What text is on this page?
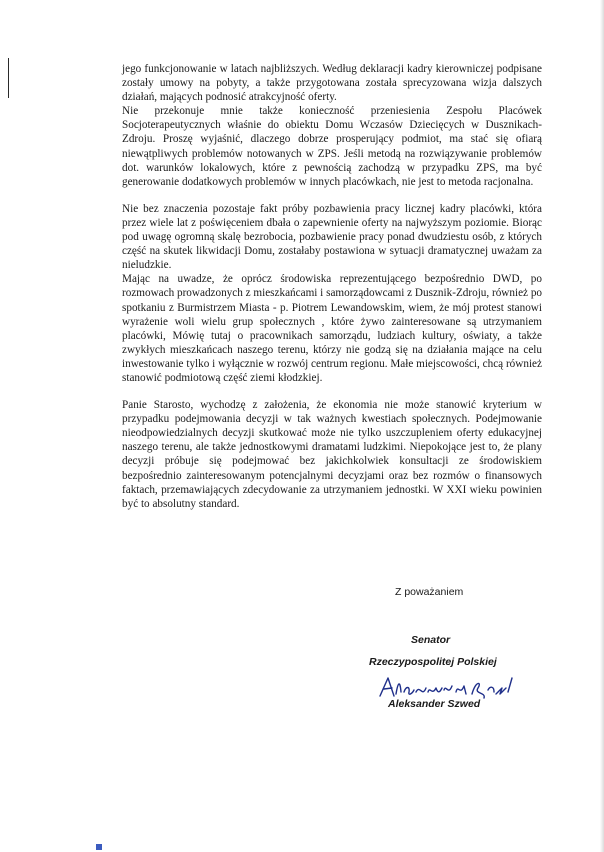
jego funkcjonowanie w latach najbliższych. Według deklaracji kadry kierowniczej podpisane zostały umowy na pobyty, a także przygotowana została sprecyzowana wizja dalszych działań, mających podnosić atrakcyjność oferty.

Nie przekonuje mnie także konieczność przeniesienia Zespołu Placówek Socjoterapeutycznych właśnie do obiektu Domu Wczasów Dziecięcych w Dusznikach-Zdroju. Proszę wyjaśnić, dlaczego dobrze prosperujący podmiot, ma stać się ofiarą niewątpliwych problemów notowanych w ZPS. Jeśli metodą na rozwiązywanie problemów dot. warunków lokalowych, które z pewnością zachodzą w przypadku ZPS, ma być generowanie dodatkowych problemów w innych placówkach, nie jest to metoda racjonalna.

Nie bez znaczenia pozostaje fakt próby pozbawienia pracy licznej kadry placówki, która przez wiele lat z poświęceniem dbała o zapewnienie oferty na najwyższym poziomie. Biorąc pod uwagę ogromną skalę bezrobocia, pozbawienie pracy ponad dwudziestu osób, z których część na skutek likwidacji Domu, zostałaby postawiona w sytuacji dramatycznej uważam za nieludzkie.

Mając na uwadze, że oprócz środowiska reprezentującego bezpośrednio DWD, po rozmowach prowadzonych z mieszkańcami i samorządowcami z Dusznik-Zdroju, również po spotkaniu z Burmistrzem Miasta - p. Piotrem Lewandowskim, wiem, że mój protest stanowi wyrażenie woli wielu grup społecznych , które żywo zainteresowane są utrzymaniem placówki, Mówię tutaj o pracownikach samorządu, ludziach kultury, oświaty, a także zwykłych mieszkańcach naszego terenu, którzy nie godzą się na działania mające na celu inwestowanie tylko i wyłącznie w rozwój centrum regionu. Małe miejscowości, chcą również stanowić podmiotową część ziemi kłodzkiej.

Panie Starosto, wychodzę z założenia, że ekonomia nie może stanowić kryterium w przypadku podejmowania decyzji w tak ważnych kwestiach społecznych. Podejmowanie nieodpowiedzialnych decyzji skutkować może nie tylko uszczupleniem oferty edukacyjnej naszego terenu, ale także jednostkowymi dramatami ludzkimi. Niepokojące jest to, że plany decyzji próbuje się podejmować bez jakichkolwiek konsultacji ze środowiskiem bezpośrednio zainteresowanym potencjalnymi decyzjami oraz bez rozmów o finansowych faktach, przemawiających zdecydowanie za utrzymaniem jednostki. W XXI wieku powinien być to absolutny standard.

Z poważaniem
Senator
Rzeczypospolitej Polskiej
Aleksander Szwed
